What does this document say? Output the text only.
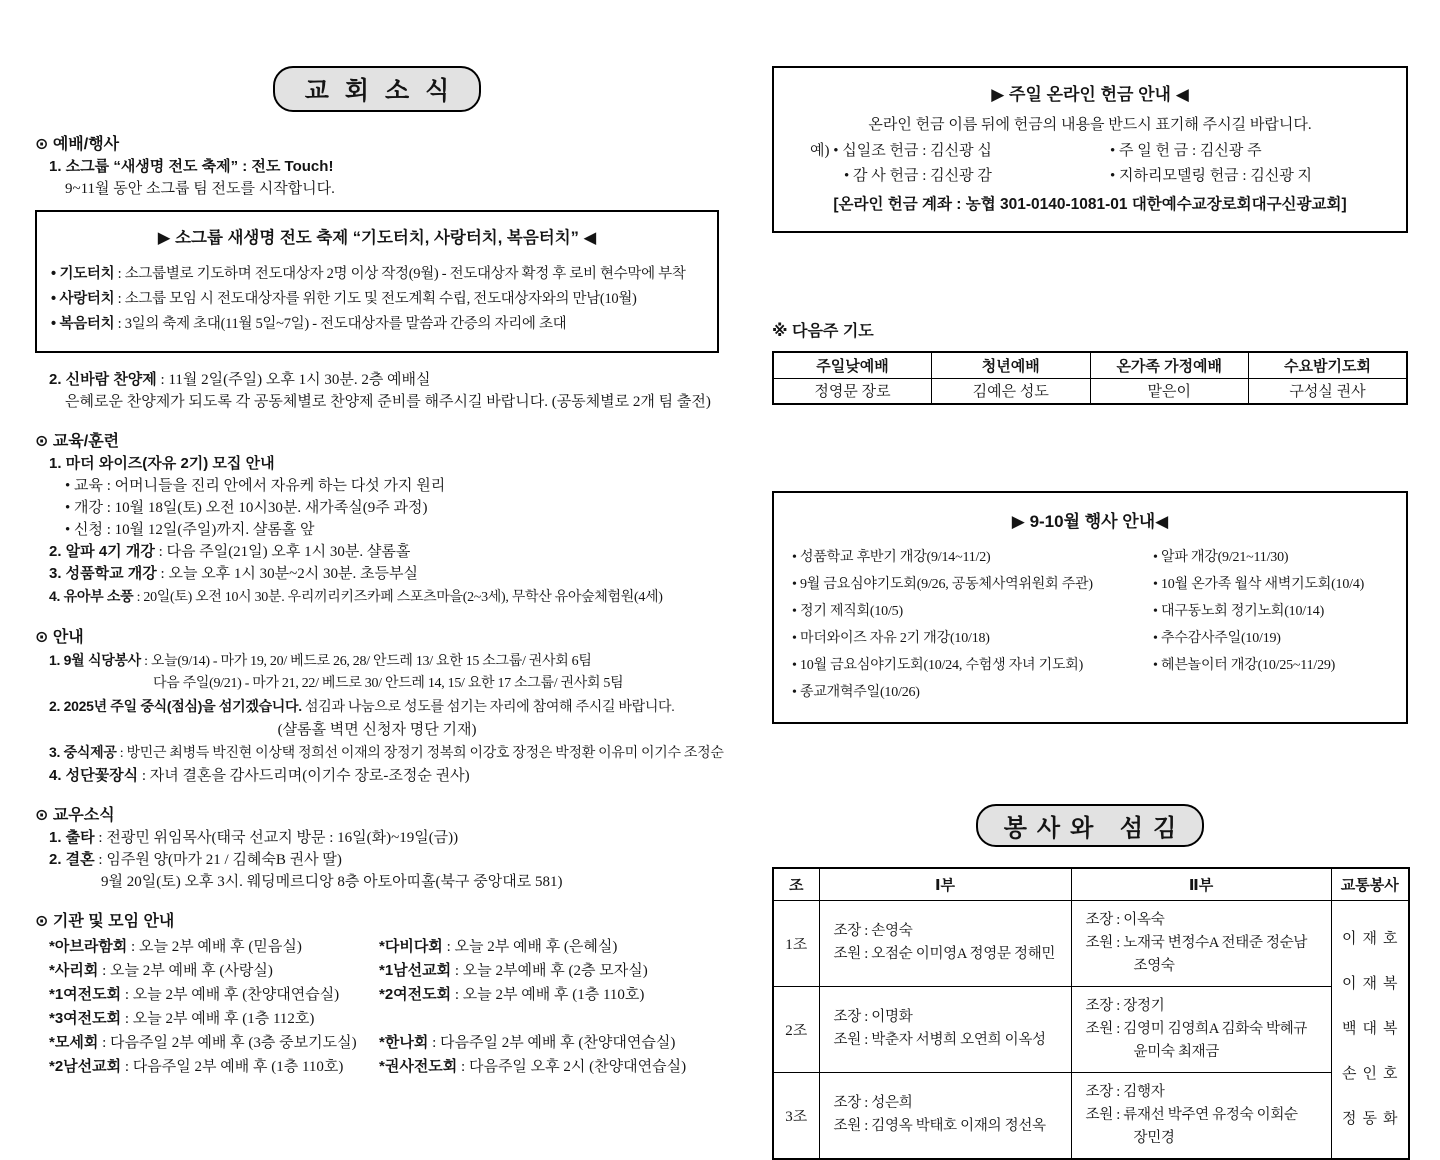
교회소식
⊙ 예배/행사
1. 소그룹 “새생명 전도 축제” : 전도 Touch!
9~11월 동안 소그룹 팀 전도를 시작합니다.
▶ 소그룹 새생명 전도 축제 “기도터치, 사랑터치, 복음터치” ◀
• 기도터치 : 소그룹별로 기도하며 전도대상자 2명 이상 작정(9월) - 전도대상자 확정 후 로비 현수막에 부착
• 사랑터치 : 소그룹 모임 시 전도대상자를 위한 기도 및 전도계획 수립, 전도대상자와의 만남(10월)
• 복음터치 : 3일의 축제 초대(11월 5일~7일) - 전도대상자를 말씀과 간증의 자리에 초대
2. 신바람 찬양제 : 11월 2일(주일) 오후 1시 30분. 2층 예배실
은혜로운 찬양제가 되도록 각 공동체별로 찬양제 준비를 해주시길 바랍니다. (공동체별로 2개 팀 출전)
⊙ 교육/훈련
1. 마더 와이즈(자유 2기) 모집 안내
• 교육 : 어머니들을 진리 안에서 자유케 하는 다섯 가지 원리
• 개강 : 10월 18일(토) 오전 10시30분. 새가족실(9주 과정)
• 신청 : 10월 12일(주일)까지. 샬롬홀 앞
2. 알파 4기 개강 : 다음 주일(21일) 오후 1시 30분. 샬롬홀
3. 성품학교 개강 : 오늘 오후 1시 30분~2시 30분. 초등부실
4. 유아부 소풍 : 20일(토) 오전 10시 30분. 우리끼리키즈카페 스포츠마을(2~3세), 무학산 유아숲체험원(4세)
⊙ 안내
1. 9월 식당봉사 : 오늘(9/14) - 마가 19, 20/ 베드로 26, 28/ 안드레 13/ 요한 15 소그룹/ 권사회 6팀
다음 주일(9/21) - 마가 21, 22/ 베드로 30/ 안드레 14, 15/ 요한 17 소그룹/ 권사회 5팀
2. 2025년 주일 중식(점심)을 섬기겠습니다. 섬김과 나눔으로 성도를 섬기는 자리에 참여해 주시길 바랍니다.
(샬롬홀 벽면 신청자 명단 기재)
3. 중식제공 : 방민근 최병득 박진현 이상택 정희선 이재의 장정기 정복희 이강호 장정은 박정환 이유미 이기수 조정순
4. 성단꽃장식 : 자녀 결혼을 감사드리며(이기수 장로-조정순 권사)
⊙ 교우소식
1. 출타 : 전광민 위임목사(태국 선교지 방문 : 16일(화)~19일(금))
2. 결혼 : 임주원 양(마가 21 / 김혜숙B 권사 딸)
9월 20일(토) 오후 3시. 웨딩메르디앙 8층 아토아띠홀(북구 중앙대로 581)
⊙ 기관 및 모임 안내
*아브라함회 : 오늘 2부 예배 후 (믿음실)	*다비다회 : 오늘 2부 예배 후 (은혜실)
*사리회 : 오늘 2부 예배 후 (사랑실)	*1남선교회 : 오늘 2부예배 후 (2층 모자실)
*1여전도회 : 오늘 2부 예배 후 (찬양대연습실)	*2여전도회 : 오늘 2부 예배 후 (1층 110호)
*3여전도회 : 오늘 2부 예배 후 (1층 112호)
*모세회 : 다음주일 2부 예배 후 (3층 중보기도실)	*한나회 : 다음주일 2부 예배 후 (찬양대연습실)
*2남선교회 : 다음주일 2부 예배 후 (1층 110호)	*권사전도회 : 다음주일 오후 2시 (찬양대연습실)
▶ 주일 온라인 헌금 안내 ◀
온라인 헌금 이름 뒤에 헌금의 내용을 반드시 표기해 주시길 바랍니다.
예) • 십일조 헌금 : 김신광 십	• 주 일 헌 금 : 김신광 주
• 감 사 헌금 : 김신광 감	• 지하리모델링 헌금 : 김신광 지
[온라인 헌금 계좌 : 농협 301-0140-1081-01 대한예수교장로회대구신광교회]
※ 다음주 기도
주일낮예배	청년예배	온가족 가정예배	수요밤기도회
정영문 장로	김예은 성도	맡은이	구성실 권사
▶ 9-10월 행사 안내◀
• 성품학교 후반기 개강(9/14~11/2)	• 알파 개강(9/21~11/30)
• 9월 금요심야기도회(9/26, 공동체사역위원회 주관)	• 10월 온가족 월삭 새벽기도회(10/4)
• 정기 제직회(10/5)	• 대구동노회 정기노회(10/14)
• 마더와이즈 자유 2기 개강(10/18)	• 추수감사주일(10/19)
• 10월 금요심야기도회(10/24, 수험생 자녀 기도회)	• 헤븐놀이터 개강(10/25~11/29)
• 종교개혁주일(10/26)
봉사와 섬김
조	Ⅰ부	Ⅱ부	교통봉사
1조	
조장 : 손영숙
조원 : 오점순 이미영A 정영문 정해민

조장 : 이옥숙
조원 : 노재국 변정수A 전태준 정순남
조영숙

이재호
이재복
백대복
손인호
정동화

2조	
조장 : 이명화
조원 : 박춘자 서병희 오연희 이옥성

조장 : 장정기
조원 : 김영미 김영희A 김화숙 박혜규
윤미숙 최재금

3조	
조장 : 성은희
조원 : 김영옥 박태호 이재의 정선옥

조장 : 김행자
조원 : 류재선 박주연 유정숙 이회순
장민경
